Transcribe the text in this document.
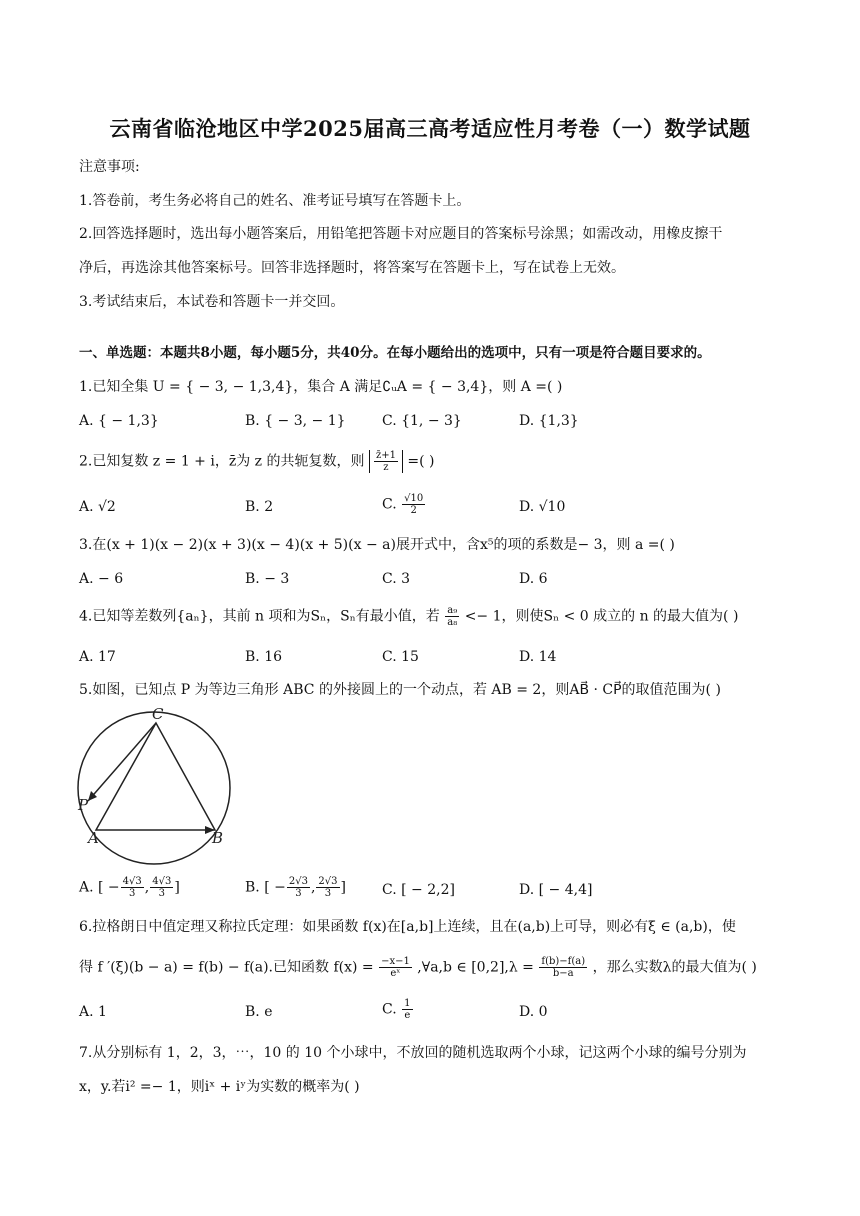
云南省临沧地区中学2025届高三高考适应性月考卷（一）数学试题
注意事项:
1.答卷前，考生务必将自己的姓名、准考证号填写在答题卡上。
2.回答选择题时，选出每小题答案后，用铅笔把答题卡对应题目的答案标号涂黑；如需改动，用橡皮擦干
净后，再选涂其他答案标号。回答非选择题时，将答案写在答题卡上，写在试卷上无效。
3.考试结束后，本试卷和答题卡一并交回。
一、单选题：本题共8小题，每小题5分，共40分。在每小题给出的选项中，只有一项是符合题目要求的。
1.已知全集 U = { − 3, − 1,3,4}，集合 A 满足∁ᵤA = { − 3,4}，则 A =( )
A. { − 1,3}	B. { − 3, − 1}	C. {1, − 3}	D. {1,3}
2.已知复数 z = 1 + i，z̄为 z 的共轭复数，则 $\frac{z̄+1}{z}$ =( )
A. √2	B. 2	C. $\frac{√10}{2}$	D. √10
3.在(x + 1)(x − 2)(x + 3)(x − 4)(x + 5)(x − a)展开式中，含x⁵的项的系数是− 3，则 a =( )
A. − 6	B. − 3	C. 3	D. 6
4.已知等差数列{aₙ}，其前 n 项和为Sₙ，Sₙ有最小值，若 $\frac{\text{a₉}}{\text{a₈}} <- 1$，则使Sₙ < 0 成立的 n 的最大值为( )
A. 17	B. 16	C. 15	D. 14
5.如图，已知点 P 为等边三角形 ABC 的外接圆上的一个动点，若 AB = 2，则AB⃗ · CP⃗的取值范围为( )
C
P
A	B
A. [ − $\frac{4√3}{3}$ , $\frac{4√3}{3}$ ]	B. [ − $\frac{2√3}{3}$ , $\frac{2√3}{3}$ ]	C. [ − 2,2]	D. [ − 4,4]
6.拉格朗日中值定理又称拉氏定理：如果函数 f(x)在[a,b]上连续，且在(a,b)上可导，则必有ξ ∈ (a,b)，使
得 f ′(ξ)(b − a) = f(b) − f(a).已知函数 $f(x) = \frac{-x-1}{\text{eˣ}}$ ,∀a,b ∈ $[0,2],\lambda = \frac{f(b)-f(a)}{b-a}$ ，那么实数λ的最大值为( )
A. 1	B. e	C. $\frac{1}{e}$	D. 0
7.从分别标有 1，2，3，⋯，10 的 10 个小球中，不放回的随机选取两个小球，记这两个小球的编号分别为
x，y.若i² =− 1，则iˣ + iʸ为实数的概率为( )
